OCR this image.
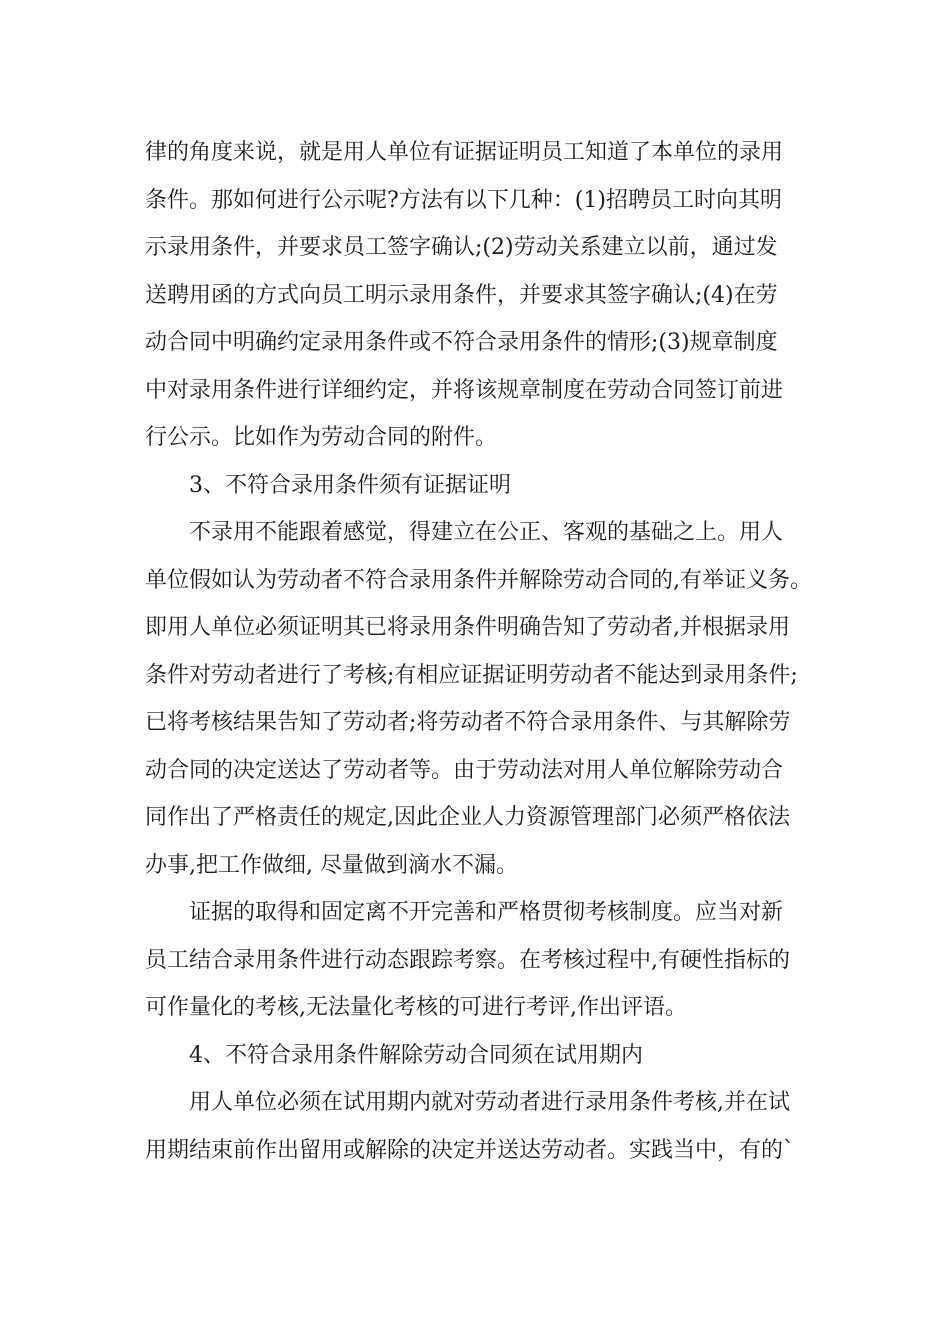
律的角度来说，就是用人单位有证据证明员工知道了本单位的录用
条件。那如何进行公示呢?方法有以下几种：(1)招聘员工时向其明
示录用条件，并要求员工签字确认;(2)劳动关系建立以前，通过发
送聘用函的方式向员工明示录用条件，并要求其签字确认;(4)在劳
动合同中明确约定录用条件或不符合录用条件的情形;(3)规章制度
中对录用条件进行详细约定，并将该规章制度在劳动合同签订前进
行公示。比如作为劳动合同的附件。
3、不符合录用条件须有证据证明
不录用不能跟着感觉，得建立在公正、客观的基础之上。用人
单位假如认为劳动者不符合录用条件并解除劳动合同的,有举证义务。
即用人单位必须证明其已将录用条件明确告知了劳动者,并根据录用
条件对劳动者进行了考核;有相应证据证明劳动者不能达到录用条件;
已将考核结果告知了劳动者;将劳动者不符合录用条件、与其解除劳
动合同的决定送达了劳动者等。由于劳动法对用人单位解除劳动合
同作出了严格责任的规定,因此企业人力资源管理部门必须严格依法
办事,把工作做细, 尽量做到滴水不漏。
证据的取得和固定离不开完善和严格贯彻考核制度。应当对新
员工结合录用条件进行动态跟踪考察。在考核过程中,有硬性指标的
可作量化的考核,无法量化考核的可进行考评,作出评语。
4、不符合录用条件解除劳动合同须在试用期内
用人单位必须在试用期内就对劳动者进行录用条件考核,并在试
用期结束前作出留用或解除的决定并送达劳动者。实践当中，有的`
